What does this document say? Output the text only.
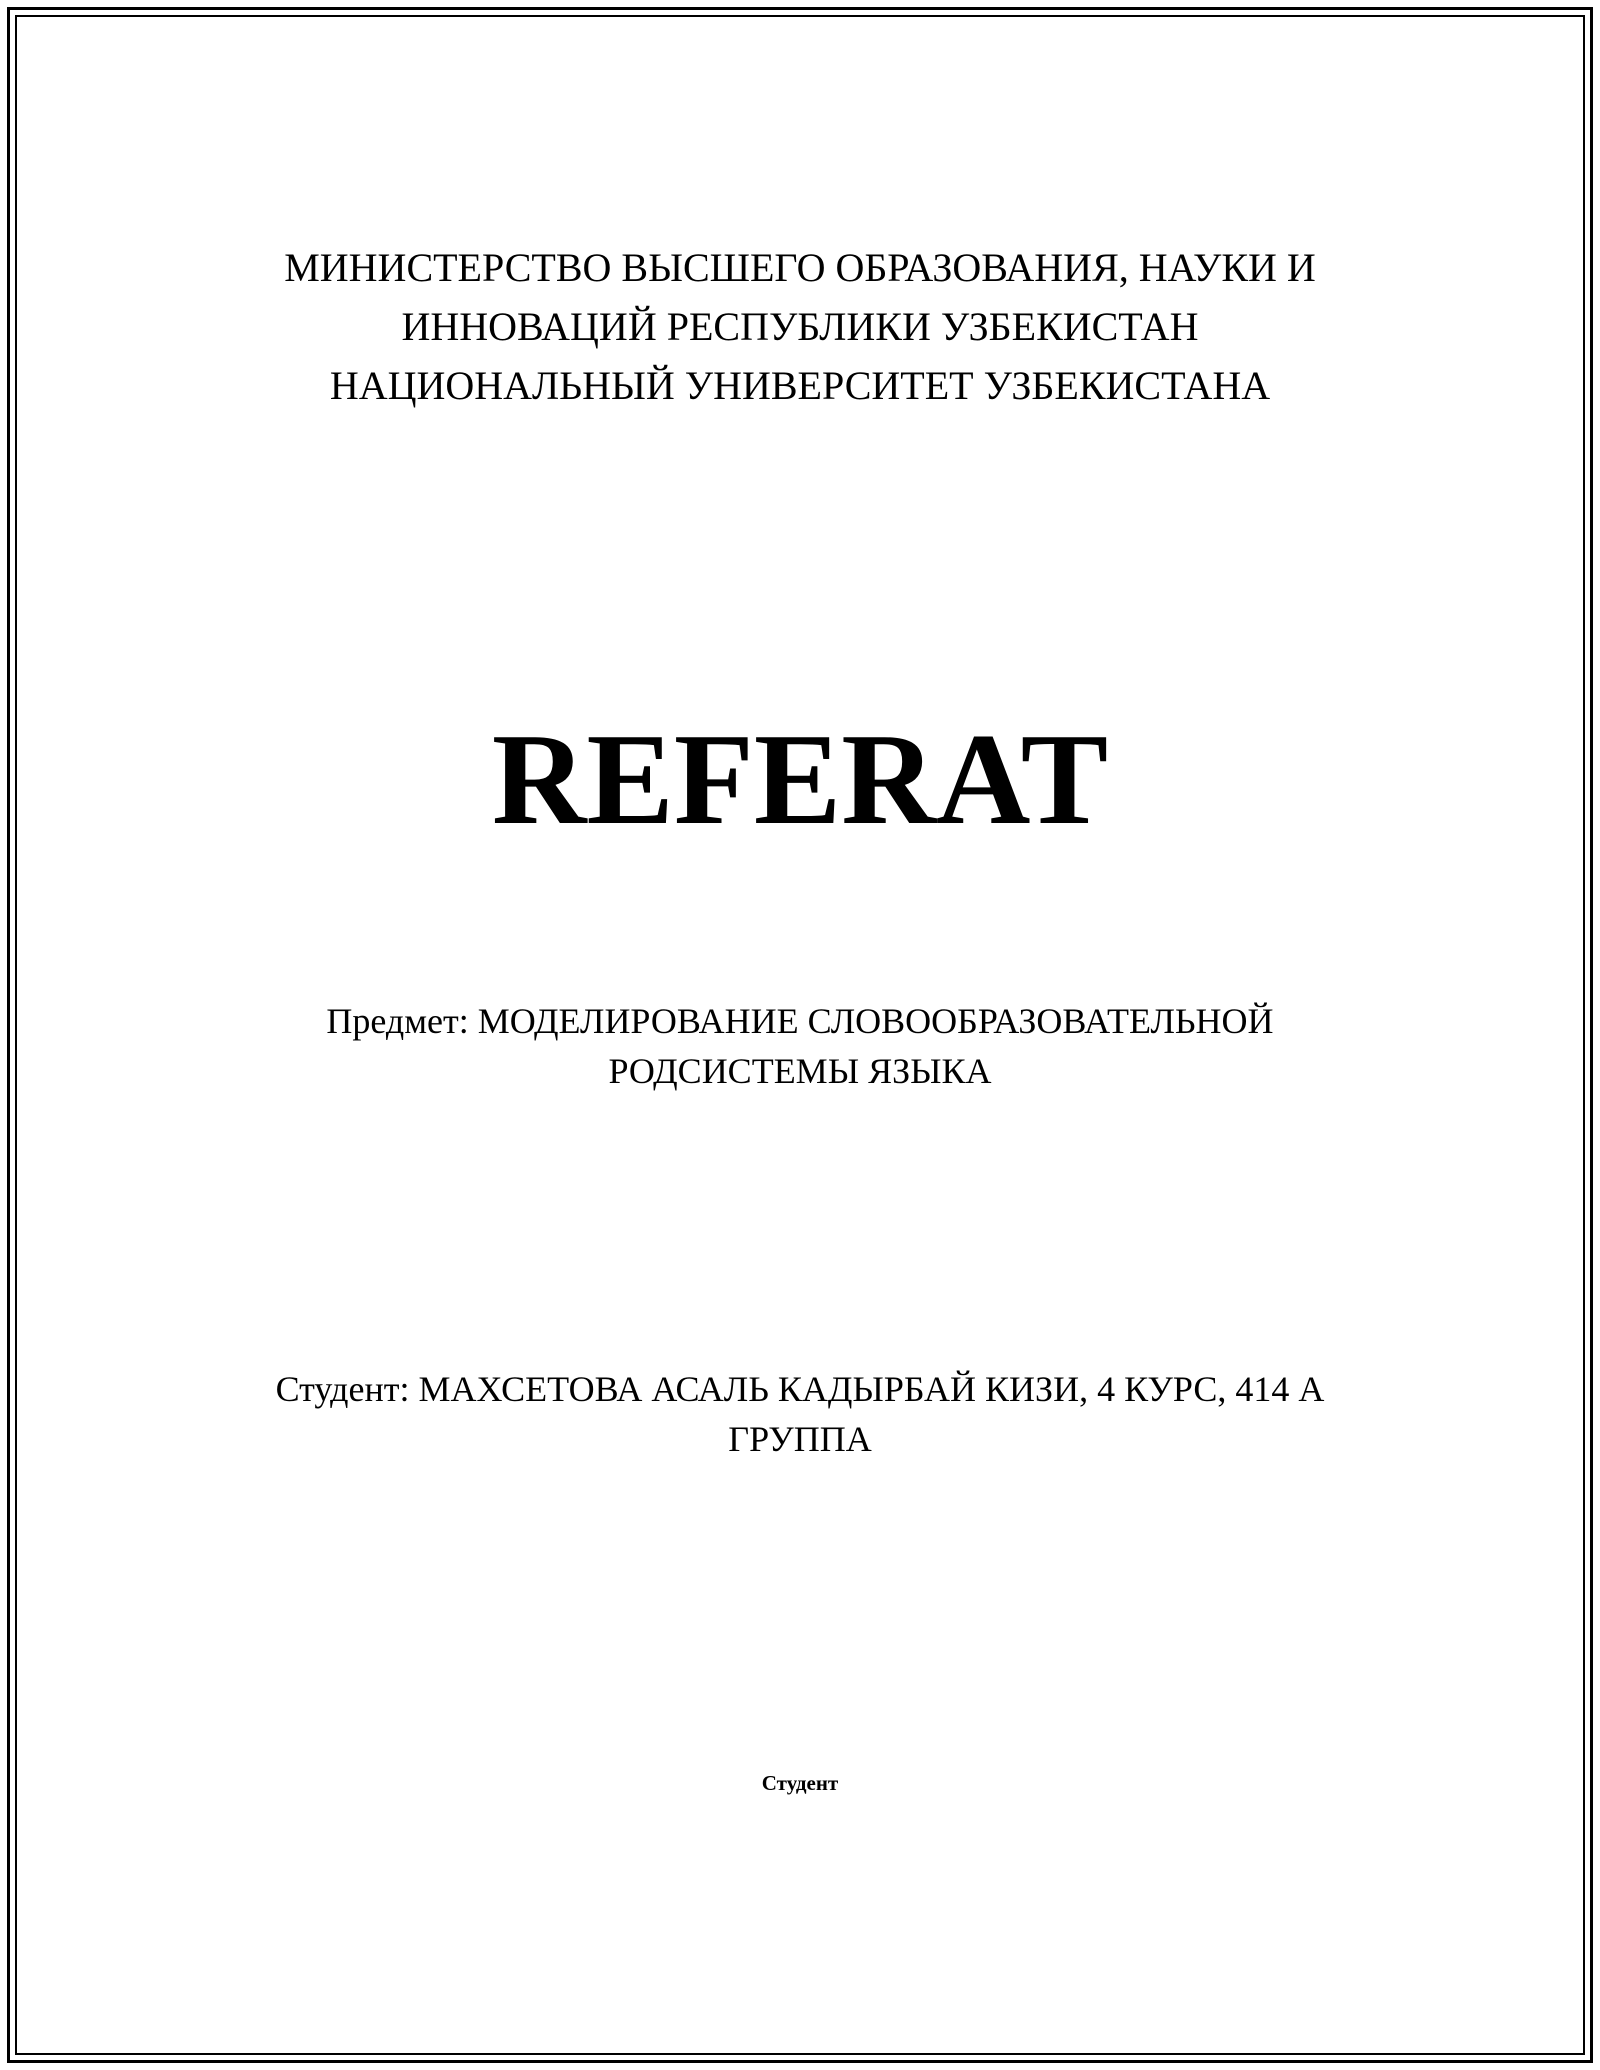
МИНИСТЕРСТВО ВЫСШЕГО ОБРАЗОВАНИЯ, НАУКИ И
ИННОВАЦИЙ РЕСПУБЛИКИ УЗБЕКИСТАН
НАЦИОНАЛЬНЫЙ УНИВЕРСИТЕТ УЗБЕКИСТАНА
REFERAT
Предмет: МОДЕЛИРОВАНИЕ СЛОВООБРАЗОВАТЕЛЬНОЙ
РОДСИСТЕМЫ ЯЗЫКА
Студент: МАХСЕТОВА АСАЛЬ КАДЫРБАЙ КИЗИ, 4 КУРС, 414 А
ГРУППА
Студент
